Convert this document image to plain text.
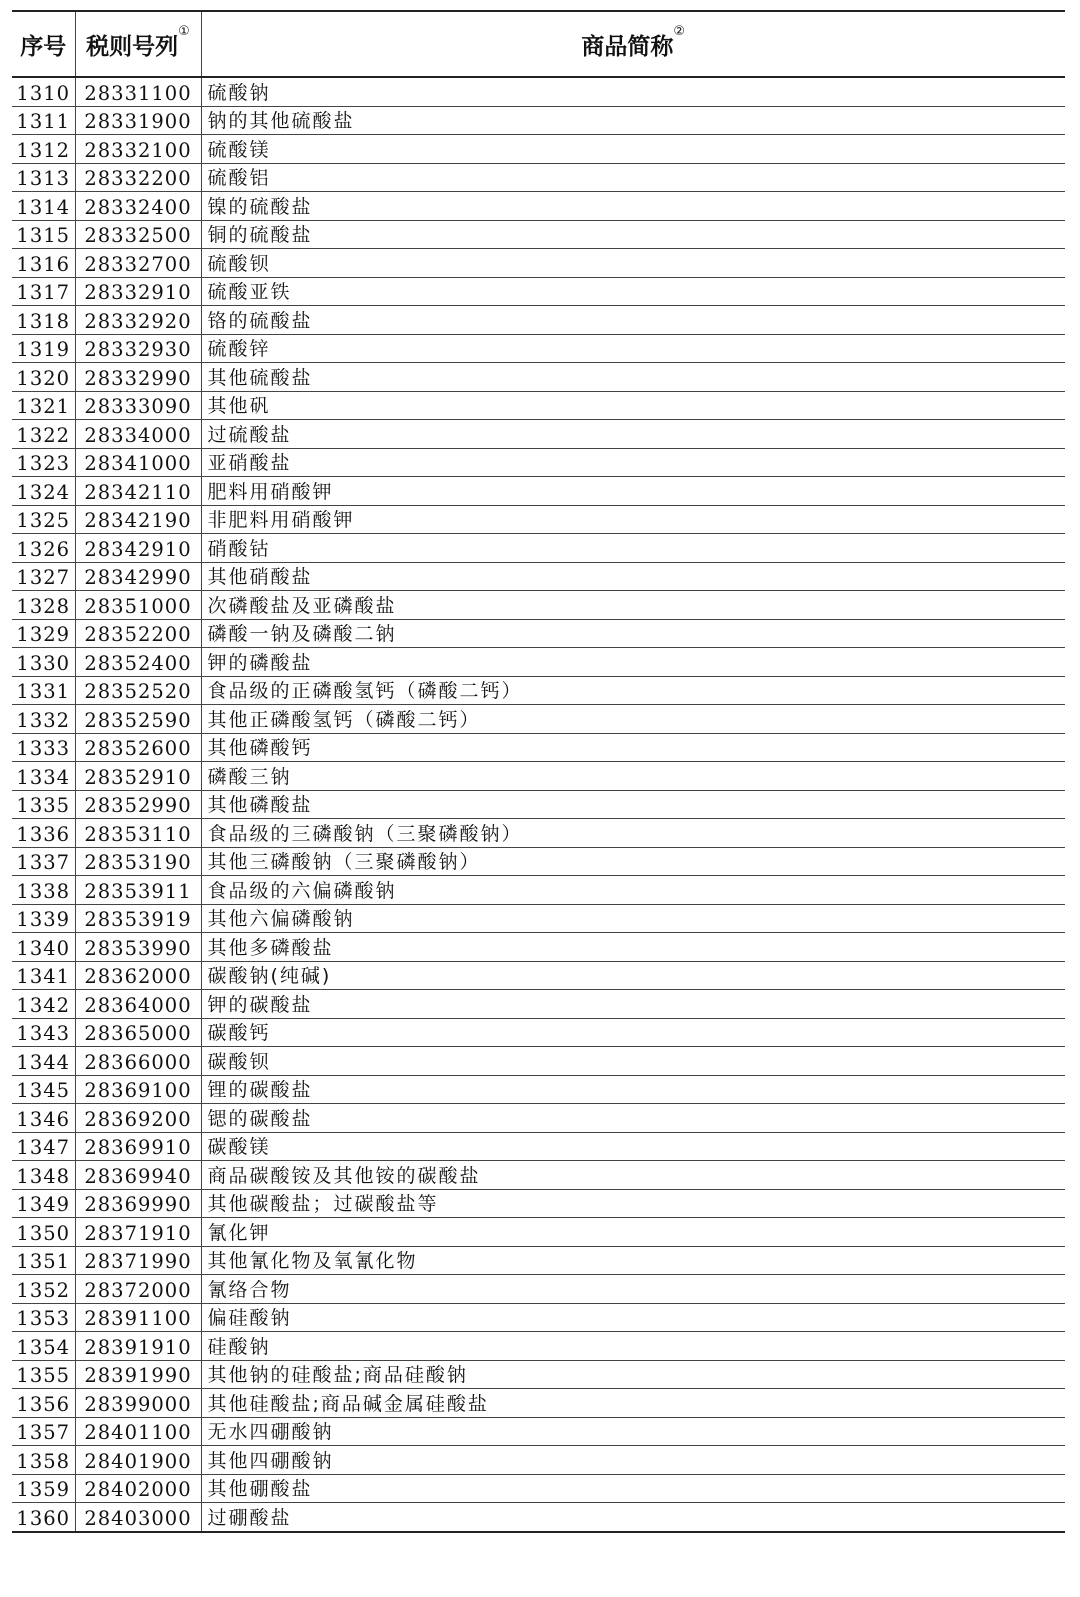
序号	税则号列①	商品简称②
1310	28331100	硫酸钠
1311	28331900	钠的其他硫酸盐
1312	28332100	硫酸镁
1313	28332200	硫酸铝
1314	28332400	镍的硫酸盐
1315	28332500	铜的硫酸盐
1316	28332700	硫酸钡
1317	28332910	硫酸亚铁
1318	28332920	铬的硫酸盐
1319	28332930	硫酸锌
1320	28332990	其他硫酸盐
1321	28333090	其他矾
1322	28334000	过硫酸盐
1323	28341000	亚硝酸盐
1324	28342110	肥料用硝酸钾
1325	28342190	非肥料用硝酸钾
1326	28342910	硝酸钴
1327	28342990	其他硝酸盐
1328	28351000	次磷酸盐及亚磷酸盐
1329	28352200	磷酸一钠及磷酸二钠
1330	28352400	钾的磷酸盐
1331	28352520	食品级的正磷酸氢钙（磷酸二钙）
1332	28352590	其他正磷酸氢钙（磷酸二钙）
1333	28352600	其他磷酸钙
1334	28352910	磷酸三钠
1335	28352990	其他磷酸盐
1336	28353110	食品级的三磷酸钠（三聚磷酸钠）
1337	28353190	其他三磷酸钠（三聚磷酸钠）
1338	28353911	食品级的六偏磷酸钠
1339	28353919	其他六偏磷酸钠
1340	28353990	其他多磷酸盐
1341	28362000	碳酸钠(纯碱)
1342	28364000	钾的碳酸盐
1343	28365000	碳酸钙
1344	28366000	碳酸钡
1345	28369100	锂的碳酸盐
1346	28369200	锶的碳酸盐
1347	28369910	碳酸镁
1348	28369940	商品碳酸铵及其他铵的碳酸盐
1349	28369990	其他碳酸盐；过碳酸盐等
1350	28371910	氰化钾
1351	28371990	其他氰化物及氧氰化物
1352	28372000	氰络合物
1353	28391100	偏硅酸钠
1354	28391910	硅酸钠
1355	28391990	其他钠的硅酸盐;商品硅酸钠
1356	28399000	其他硅酸盐;商品碱金属硅酸盐
1357	28401100	无水四硼酸钠
1358	28401900	其他四硼酸钠
1359	28402000	其他硼酸盐
1360	28403000	过硼酸盐
